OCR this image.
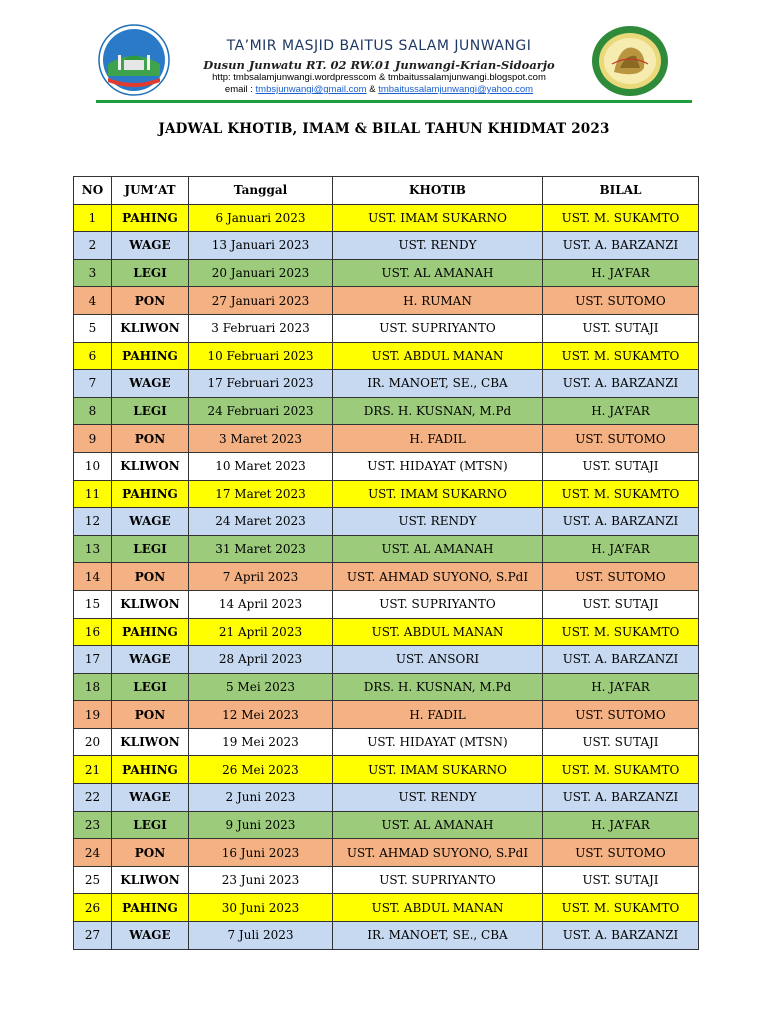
TA’MIR MASJID BAITUS SALAM JUNWANGI
Dusun Junwatu RT. 02 RW.01 Junwangi-Krian-Sidoarjo
http: tmbsalamjunwangi.wordpresscom & tmbaitussalamjunwangi.blogspot.com
email : tmbsjunwangi@gmail.com & tmbaitussalamjunwangi@yahoo.com
JADWAL KHOTIB, IMAM & BILAL TAHUN KHIDMAT 2023
NO	JUM’AT	Tanggal	KHOTIB	BILAL
1	PAHING	6 Januari 2023	UST. IMAM SUKARNO	UST. M. SUKAMTO
2	WAGE	13 Januari 2023	UST. RENDY	UST. A. BARZANZI
3	LEGI	20 Januari 2023	UST. AL AMANAH	H. JA’FAR
4	PON	27 Januari 2023	H. RUMAN	UST. SUTOMO
5	KLIWON	3 Februari 2023	UST. SUPRIYANTO	UST. SUTAJI
6	PAHING	10 Februari 2023	UST. ABDUL MANAN	UST. M. SUKAMTO
7	WAGE	17 Februari 2023	IR. MANOET, SE., CBA	UST. A. BARZANZI
8	LEGI	24 Februari 2023	DRS. H. KUSNAN, M.Pd	H. JA’FAR
9	PON	3 Maret 2023	H. FADIL	UST. SUTOMO
10	KLIWON	10 Maret 2023	UST. HIDAYAT (MTSN)	UST. SUTAJI
11	PAHING	17 Maret 2023	UST. IMAM SUKARNO	UST. M. SUKAMTO
12	WAGE	24 Maret 2023	UST. RENDY	UST. A. BARZANZI
13	LEGI	31 Maret 2023	UST. AL AMANAH	H. JA’FAR
14	PON	7 April 2023	UST. AHMAD SUYONO, S.PdI	UST. SUTOMO
15	KLIWON	14 April 2023	UST. SUPRIYANTO	UST. SUTAJI
16	PAHING	21 April 2023	UST. ABDUL MANAN	UST. M. SUKAMTO
17	WAGE	28 April 2023	UST. ANSORI	UST. A. BARZANZI
18	LEGI	5 Mei 2023	DRS. H. KUSNAN, M.Pd	H. JA’FAR
19	PON	12 Mei 2023	H. FADIL	UST. SUTOMO
20	KLIWON	19 Mei 2023	UST. HIDAYAT (MTSN)	UST. SUTAJI
21	PAHING	26 Mei 2023	UST. IMAM SUKARNO	UST. M. SUKAMTO
22	WAGE	2 Juni 2023	UST. RENDY	UST. A. BARZANZI
23	LEGI	9 Juni 2023	UST. AL AMANAH	H. JA’FAR
24	PON	16 Juni 2023	UST. AHMAD SUYONO, S.PdI	UST. SUTOMO
25	KLIWON	23 Juni 2023	UST. SUPRIYANTO	UST. SUTAJI
26	PAHING	30 Juni 2023	UST. ABDUL MANAN	UST. M. SUKAMTO
27	WAGE	7 Juli 2023	IR. MANOET, SE., CBA	UST. A. BARZANZI
